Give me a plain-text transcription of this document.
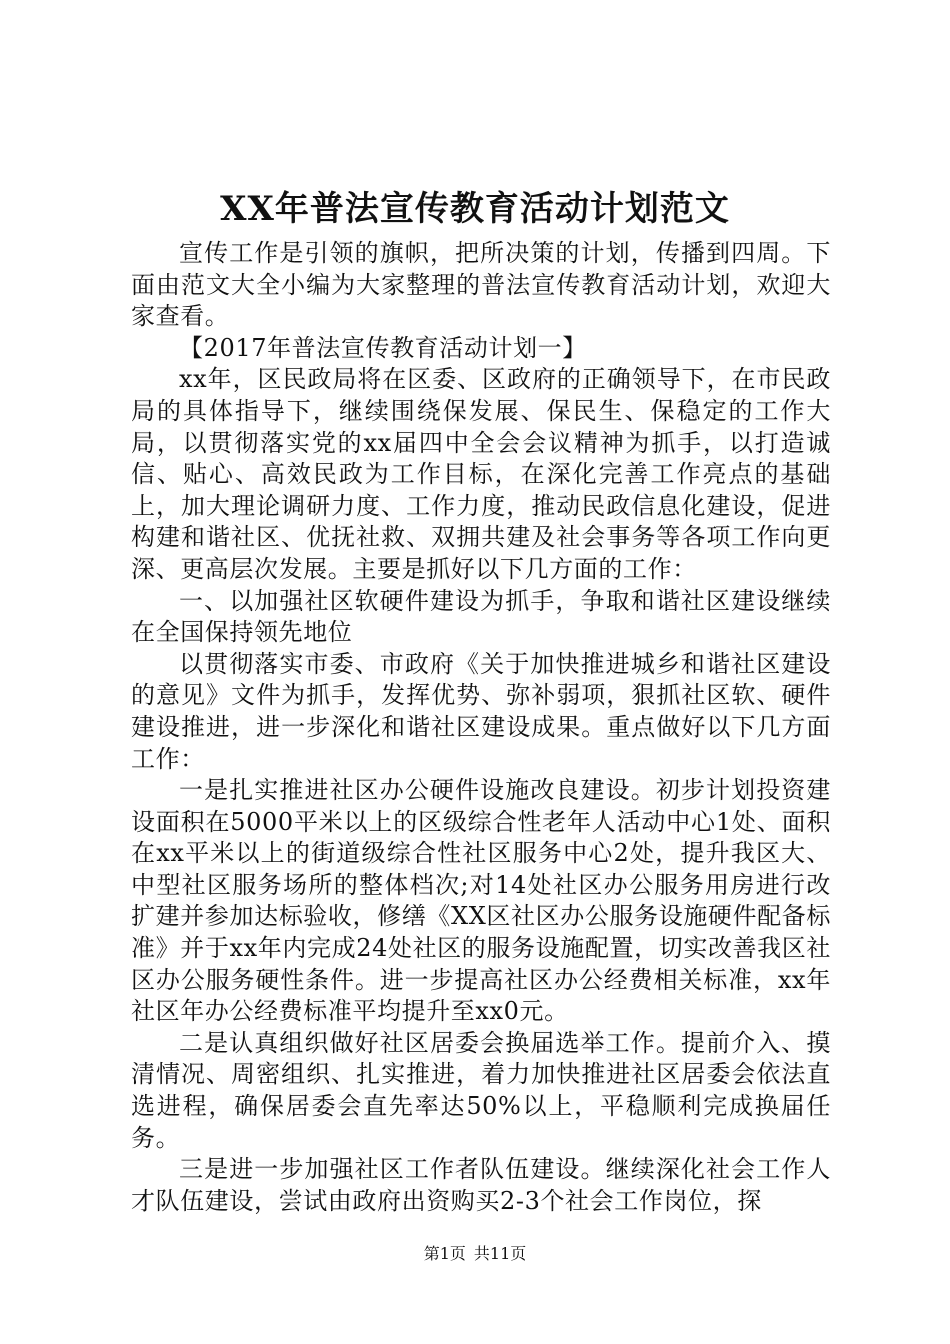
XX年普法宣传教育活动计划范文

宣传工作是引领的旗帜，把所决策的计划，传播到四周。下面由范文大全小编为大家整理的普法宣传教育活动计划，欢迎大家查看。

【2017年普法宣传教育活动计划一】

xx年，区民政局将在区委、区政府的正确领导下，在市民政局的具体指导下，继续围绕保发展、保民生、保稳定的工作大局，以贯彻落实党的xx届四中全会会议精神为抓手，以打造诚信、贴心、高效民政为工作目标，在深化完善工作亮点的基础上，加大理论调研力度、工作力度，推动民政信息化建设，促进构建和谐社区、优抚社救、双拥共建及社会事务等各项工作向更深、更高层次发展。主要是抓好以下几方面的工作：

一、以加强社区软硬件建设为抓手，争取和谐社区建设继续在全国保持领先地位

以贯彻落实市委、市政府《关于加快推进城乡和谐社区建设的意见》文件为抓手，发挥优势、弥补弱项，狠抓社区软、硬件建设推进，进一步深化和谐社区建设成果。重点做好以下几方面工作：

一是扎实推进社区办公硬件设施改良建设。初步计划投资建设面积在5000平米以上的区级综合性老年人活动中心1处、面积在xx平米以上的街道级综合性社区服务中心2处，提升我区大、中型社区服务场所的整体档次;对14处社区办公服务用房进行改扩建并参加达标验收，修缮《XX区社区办公服务设施硬件配备标准》并于xx年内完成24处社区的服务设施配置，切实改善我区社区办公服务硬性条件。进一步提高社区办公经费相关标准，xx年社区年办公经费标准平均提升至xx0元。

二是认真组织做好社区居委会换届选举工作。提前介入、摸清情况、周密组织、扎实推进，着力加快推进社区居委会依法直选进程，确保居委会直先率达50%以上，平稳顺利完成换届任务。

三是进一步加强社区工作者队伍建设。继续深化社会工作人才队伍建设，尝试由政府出资购买2-3个社会工作岗位，探

第1页 共11页
